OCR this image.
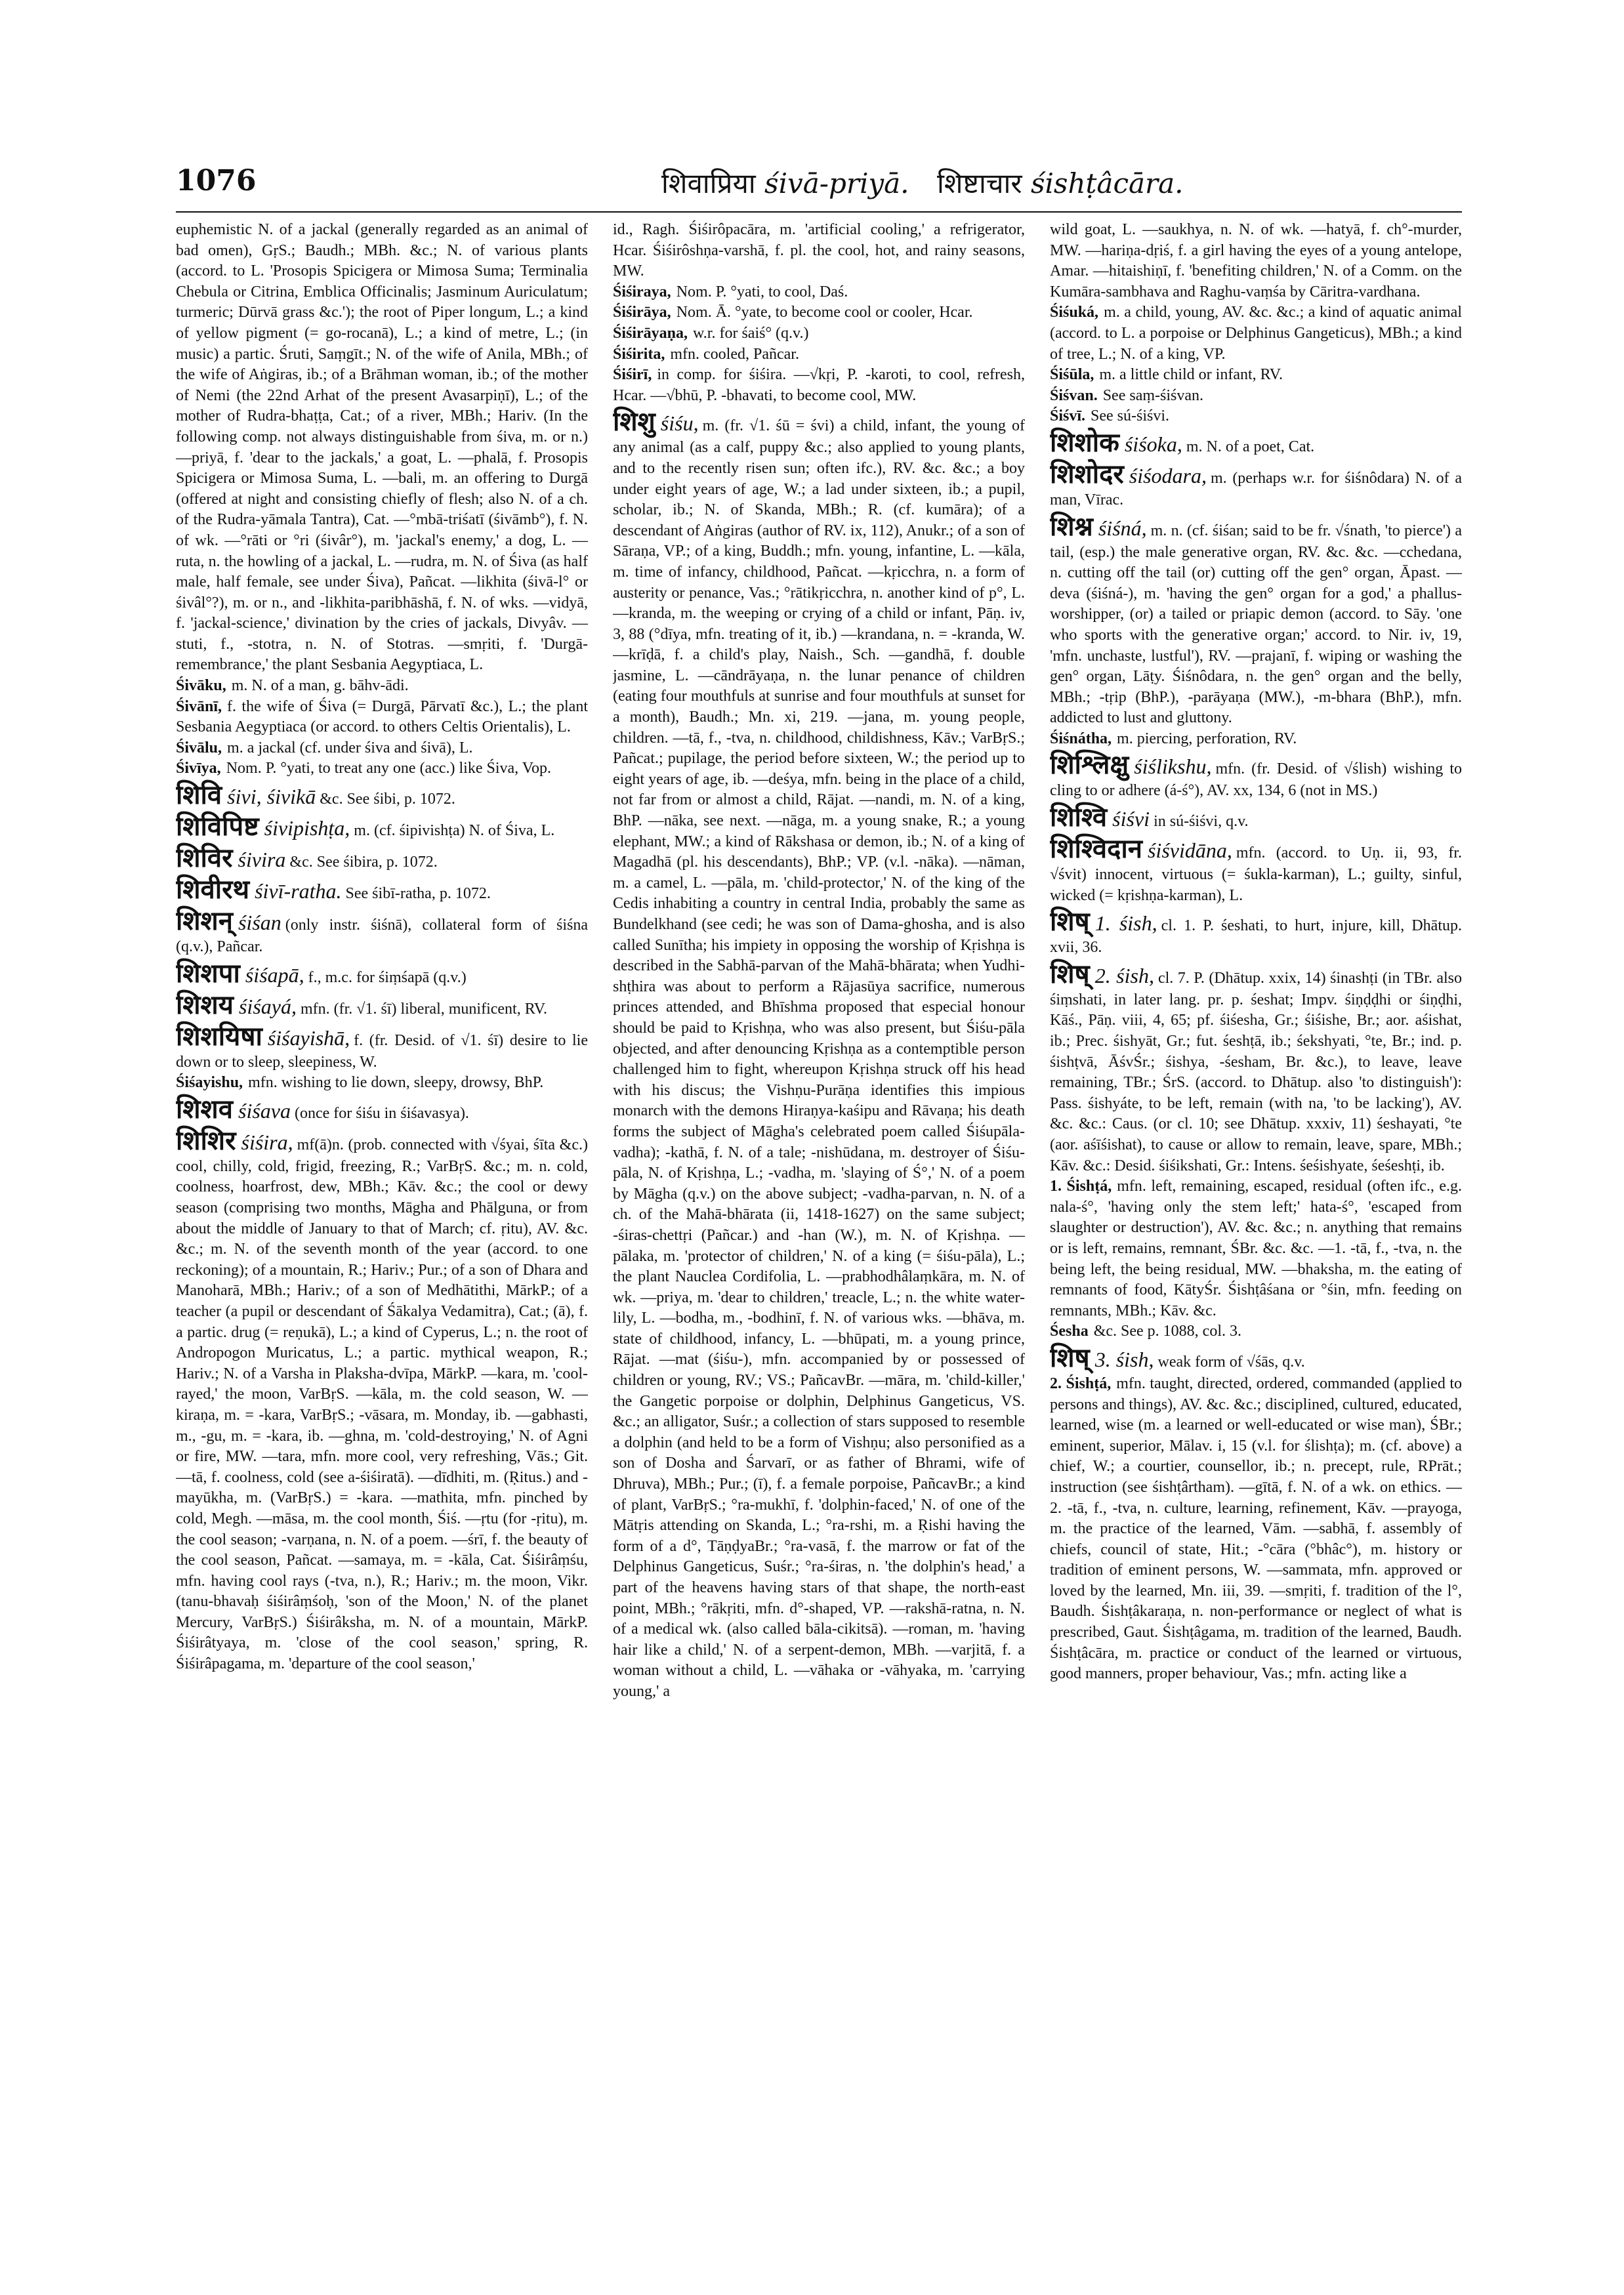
1076	शिवाप्रिया śivā-priyā. शिष्टाचार śishṭâcāra.

euphemistic N. of a jackal (generally regarded as an animal of bad omen), GṛS.; Baudh.; MBh. &c.; N. of various plants (accord. to L. 'Prosopis Spicigera or Mimosa Suma; Terminalia Chebula or Citrina, Emblica Officinalis; Jasminum Auriculatum; turmeric; Dūrvā grass &c.'); the root of Piper longum, L.; a kind of yellow pigment (= go-rocanā), L.; a kind of metre, L.; (in music) a partic. Śruti, Saṃgīt.; N. of the wife of Anila, MBh.; of the wife of Aṅgiras, ib.; of a Brāhman woman, ib.; of the mother of Nemi (the 22nd Arhat of the present Avasarpiṇī), L.; of the mother of Rudra-bhaṭṭa, Cat.; of a river, MBh.; Hariv. (In the following comp. not always distinguishable from śiva, m. or n.) —priyā, f. 'dear to the jackals,' a goat, L. —phalā, f. Prosopis Spicigera or Mimosa Suma, L. —bali, m. an offering to Durgā (offered at night and consisting chiefly of flesh; also N. of a ch. of the Rudra-yāmala Tantra), Cat. —°mbā-triśatī (śivāmb°), f. N. of wk. —°rāti or °ri (śivâr°), m. 'jackal's enemy,' a dog, L. —ruta, n. the howling of a jackal, L. —rudra, m. N. of Śiva (as half male, half female, see under Śiva), Pañcat. —likhita (śivā-l° or śivâl°?), m. or n., and -likhita-paribhāshā, f. N. of wks. —vidyā, f. 'jackal-science,' divination by the cries of jackals, Divyâv. —stuti, f., -stotra, n. N. of Stotras. —smṛiti, f. 'Durgā-remembrance,' the plant Sesbania Aegyptiaca, L.

Śivāku, m. N. of a man, g. bāhv-ādi.

Śivānī, f. the wife of Śiva (= Durgā, Pārvatī &c.), L.; the plant Sesbania Aegyptiaca (or accord. to others Celtis Orientalis), L.

Śivālu, m. a jackal (cf. under śiva and śivā), L.

Śivīya, Nom. P. °yati, to treat any one (acc.) like Śiva, Vop.

शिवि śivi, śivikā &c. See śibi, p. 1072.

शिविपिष्ट śivipishṭa, m. (cf. śipivishṭa) N. of Śiva, L.

शिविर śivira &c. See śibira, p. 1072.

शिवीरथ śivī-ratha. See śibī-ratha, p. 1072.

शिशन् śiśan (only instr. śiśnā), collateral form of śiśna (q.v.), Pañcar.

शिशपा śiśapā, f., m.c. for śiṃśapā (q.v.)

शिशय śiśayá, mfn. (fr. √1. śī) liberal, munificent, RV.

शिशयिषा śiśayishā, f. (fr. Desid. of √1. śī) desire to lie down or to sleep, sleepiness, W.

Śiśayishu, mfn. wishing to lie down, sleepy, drowsy, BhP.

शिशव śiśava (once for śiśu in śiśavasya).

शिशिर śiśira, mf(ā)n. (prob. connected with √śyai, śīta &c.) cool, chilly, cold, frigid, freezing, R.; VarBṛS. &c.; m. n. cold, coolness, hoarfrost, dew, MBh.; Kāv. &c.; the cool or dewy season (comprising two months, Māgha and Phālguna, or from about the middle of January to that of March; cf. ṛitu), AV. &c. &c.; m. N. of the seventh month of the year (accord. to one reckoning); of a mountain, R.; Hariv.; Pur.; of a son of Dhara and Manoharā, MBh.; Hariv.; of a son of Medhātithi, MārkP.; of a teacher (a pupil or descendant of Śākalya Vedamitra), Cat.; (ā), f. a partic. drug (= reṇukā), L.; a kind of Cyperus, L.; n. the root of Andropogon Muricatus, L.; a partic. mythical weapon, R.; Hariv.; N. of a Varsha in Plaksha-dvīpa, MārkP. —kara, m. 'cool-rayed,' the moon, VarBṛS. —kāla, m. the cold season, W. —kiraṇa, m. = -kara, VarBṛS.; -vāsara, m. Monday, ib. —gabhasti, m., -gu, m. = -kara, ib. —ghna, m. 'cold-destroying,' N. of Agni or fire, MW. —tara, mfn. more cool, very refreshing, Vās.; Git. —tā, f. coolness, cold (see a-śiśiratā). —dīdhiti, m. (Ṛitus.) and -mayūkha, m. (VarBṛS.) = -kara. —mathita, mfn. pinched by cold, Megh. —māsa, m. the cool month, Śiś. —ṛtu (for -ṛitu), m. the cool season; -varṇana, n. N. of a poem. —śrī, f. the beauty of the cool season, Pañcat. —samaya, m. = -kāla, Cat. Śiśirâṃśu, mfn. having cool rays (-tva, n.), R.; Hariv.; m. the moon, Vikr. (tanu-bhavaḥ śiśirâṃśoḥ, 'son of the Moon,' N. of the planet Mercury, VarBṛS.) Śiśirâksha, m. N. of a mountain, MārkP. Śiśirâtyaya, m. 'close of the cool season,' spring, R. Śiśirâpagama, m. 'departure of the cool season,'

id., Ragh. Śiśirôpacāra, m. 'artificial cooling,' a refrigerator, Hcar. Śiśirôshṇa-varshā, f. pl. the cool, hot, and rainy seasons, MW.

Śiśiraya, Nom. P. °yati, to cool, Daś.

Śiśirāya, Nom. Ā. °yate, to become cool or cooler, Hcar.

Śiśirāyaṇa, w.r. for śaiś° (q.v.)

Śiśirita, mfn. cooled, Pañcar.

Śiśirī, in comp. for śiśira. —√kṛi, P. -karoti, to cool, refresh, Hcar. —√bhū, P. -bhavati, to become cool, MW.

शिशु śiśu, m. (fr. √1. śū = śvi) a child, infant, the young of any animal (as a calf, puppy &c.; also applied to young plants, and to the recently risen sun; often ifc.), RV. &c. &c.; a boy under eight years of age, W.; a lad under sixteen, ib.; a pupil, scholar, ib.; N. of Skanda, MBh.; R. (cf. kumāra); of a descendant of Aṅgiras (author of RV. ix, 112), Anukr.; of a son of Sāraṇa, VP.; of a king, Buddh.; mfn. young, infantine, L. —kāla, m. time of infancy, childhood, Pañcat. —kṛicchra, n. a form of austerity or penance, Vas.; °rātikṛicchra, n. another kind of p°, L. —kranda, m. the weeping or crying of a child or infant, Pāṇ. iv, 3, 88 (°dīya, mfn. treating of it, ib.) —krandana, n. = -kranda, W. —krīḍā, f. a child's play, Naish., Sch. —gandhā, f. double jasmine, L. —cāndrāyaṇa, n. the lunar penance of children (eating four mouthfuls at sunrise and four mouthfuls at sunset for a month), Baudh.; Mn. xi, 219. —jana, m. young people, children. —tā, f., -tva, n. childhood, childishness, Kāv.; VarBṛS.; Pañcat.; pupilage, the period before sixteen, W.; the period up to eight years of age, ib. —deśya, mfn. being in the place of a child, not far from or almost a child, Rājat. —nandi, m. N. of a king, BhP. —nāka, see next. —nāga, m. a young snake, R.; a young elephant, MW.; a kind of Rākshasa or demon, ib.; N. of a king of Magadhā (pl. his descendants), BhP.; VP. (v.l. -nāka). —nāman, m. a camel, L. —pāla, m. 'child-protector,' N. of the king of the Cedis inhabiting a country in central India, probably the same as Bundelkhand (see cedi; he was son of Dama-ghosha, and is also called Sunītha; his impiety in opposing the worship of Kṛishṇa is described in the Sabhā-parvan of the Mahā-bhārata; when Yudhi-shṭhira was about to perform a Rājasūya sacrifice, numerous princes attended, and Bhīshma proposed that especial honour should be paid to Kṛishṇa, who was also present, but Śiśu-pāla objected, and after denouncing Kṛishṇa as a contemptible person challenged him to fight, whereupon Kṛishṇa struck off his head with his discus; the Vishṇu-Purāṇa identifies this impious monarch with the demons Hiraṇya-kaśipu and Rāvaṇa; his death forms the subject of Māgha's celebrated poem called Śiśupāla-vadha); -kathā, f. N. of a tale; -nishūdana, m. destroyer of Śiśu-pāla, N. of Kṛishṇa, L.; -vadha, m. 'slaying of Ś°,' N. of a poem by Māgha (q.v.) on the above subject; -vadha-parvan, n. N. of a ch. of the Mahā-bhārata (ii, 1418-1627) on the same subject; -śiras-chettṛi (Pañcar.) and -han (W.), m. N. of Kṛishṇa. —pālaka, m. 'protector of children,' N. of a king (= śiśu-pāla), L.; the plant Nauclea Cordifolia, L. —prabhodhâlaṃkāra, m. N. of wk. —priya, m. 'dear to children,' treacle, L.; n. the white water-lily, L. —bodha, m., -bodhinī, f. N. of various wks. —bhāva, m. state of childhood, infancy, L. —bhūpati, m. a young prince, Rājat. —mat (śiśu-), mfn. accompanied by or possessed of children or young, RV.; VS.; PañcavBr. —māra, m. 'child-killer,' the Gangetic porpoise or dolphin, Delphinus Gangeticus, VS. &c.; an alligator, Suśr.; a collection of stars supposed to resemble a dolphin (and held to be a form of Vishṇu; also personified as a son of Dosha and Śarvarī, or as father of Bhrami, wife of Dhruva), MBh.; Pur.; (ī), f. a female porpoise, PañcavBr.; a kind of plant, VarBṛS.; °ra-mukhī, f. 'dolphin-faced,' N. of one of the Mātṛis attending on Skanda, L.; °ra-rshi, m. a Ṛishi having the form of a d°, TāṇḍyaBr.; °ra-vasā, f. the marrow or fat of the Delphinus Gangeticus, Suśr.; °ra-śiras, n. 'the dolphin's head,' a part of the heavens having stars of that shape, the north-east point, MBh.; °rākṛiti, mfn. d°-shaped, VP. —rakshā-ratna, n. N. of a medical wk. (also called bāla-cikitsā). —roman, m. 'having hair like a child,' N. of a serpent-demon, MBh. —varjitā, f. a woman without a child, L. —vāhaka or -vāhyaka, m. 'carrying young,' a

wild goat, L. —saukhya, n. N. of wk. —hatyā, f. ch°-murder, MW. —hariṇa-dṛiś, f. a girl having the eyes of a young antelope, Amar. —hitaishiṇī, f. 'benefiting children,' N. of a Comm. on the Kumāra-sambhava and Raghu-vaṃśa by Cāritra-vardhana.

Śiśuká, m. a child, young, AV. &c. &c.; a kind of aquatic animal (accord. to L. a porpoise or Delphinus Gangeticus), MBh.; a kind of tree, L.; N. of a king, VP.

Śiśūla, m. a little child or infant, RV.

Śiśvan. See saṃ-śiśvan.

Śiśvī. See sú-śiśvi.

शिशोक śiśoka, m. N. of a poet, Cat.

शिशोदर śiśodara, m. (perhaps w.r. for śiśnôdara) N. of a man, Vīrac.

शिश्न śiśná, m. n. (cf. śiśan; said to be fr. √śnath, 'to pierce') a tail, (esp.) the male generative organ, RV. &c. &c. —cchedana, n. cutting off the tail (or) cutting off the gen° organ, Āpast. —deva (śiśná-), m. 'having the gen° organ for a god,' a phallus-worshipper, (or) a tailed or priapic demon (accord. to Sāy. 'one who sports with the generative organ;' accord. to Nir. iv, 19, 'mfn. unchaste, lustful'), RV. —prajanī, f. wiping or washing the gen° organ, Lāṭy. Śiśnôdara, n. the gen° organ and the belly, MBh.; -tṛip (BhP.), -parāyaṇa (MW.), -m-bhara (BhP.), mfn. addicted to lust and gluttony.

Śiśnátha, m. piercing, perforation, RV.

शिश्लिक्षु śiślikshu, mfn. (fr. Desid. of √ślish) wishing to cling to or adhere (á-ś°), AV. xx, 134, 6 (not in MS.)

शिश्वि śiśvi in sú-śiśvi, q.v.

शिश्विदान śiśvidāna, mfn. (accord. to Uṇ. ii, 93, fr. √śvit) innocent, virtuous (= śukla-karman), L.; guilty, sinful, wicked (= kṛishṇa-karman), L.

शिष् 1. śish, cl. 1. P. śeshati, to hurt, injure, kill, Dhātup. xvii, 36.

शिष् 2. śish, cl. 7. P. (Dhātup. xxix, 14) śinashṭi (in TBr. also śiṃshati, in later lang. pr. p. śeshat; Impv. śiṇḍḍhi or śiṇḍhi, Kāś., Pāṇ. viii, 4, 65; pf. śiśesha, Gr.; śiśishe, Br.; aor. aśishat, ib.; Prec. śishyāt, Gr.; fut. śeshṭā, ib.; śekshyati, °te, Br.; ind. p. śishṭvā, ĀśvŚr.; śishya, -śesham, Br. &c.), to leave, leave remaining, TBr.; ŚrS. (accord. to Dhātup. also 'to distinguish'): Pass. śishyáte, to be left, remain (with na, 'to be lacking'), AV. &c. &c.: Caus. (or cl. 10; see Dhātup. xxxiv, 11) śeshayati, °te (aor. aśīśishat), to cause or allow to remain, leave, spare, MBh.; Kāv. &c.: Desid. śiśikshati, Gr.: Intens. śeśishyate, śeśeshṭi, ib.

1. Śishṭá, mfn. left, remaining, escaped, residual (often ifc., e.g. nala-ś°, 'having only the stem left;' hata-ś°, 'escaped from slaughter or destruction'), AV. &c. &c.; n. anything that remains or is left, remains, remnant, ŚBr. &c. &c. —1. -tā, f., -tva, n. the being left, the being residual, MW. —bhaksha, m. the eating of remnants of food, KātyŚr. Śishṭâśana or °śin, mfn. feeding on remnants, MBh.; Kāv. &c.

Śesha &c. See p. 1088, col. 3.

शिष् 3. śish, weak form of √śās, q.v.

2. Śishṭá, mfn. taught, directed, ordered, commanded (applied to persons and things), AV. &c. &c.; disciplined, cultured, educated, learned, wise (m. a learned or well-educated or wise man), ŚBr.; eminent, superior, Mālav. i, 15 (v.l. for ślishṭa); m. (cf. above) a chief, W.; a courtier, counsellor, ib.; n. precept, rule, RPrāt.; instruction (see śishṭârtham). —gītā, f. N. of a wk. on ethics. —2. -tā, f., -tva, n. culture, learning, refinement, Kāv. —prayoga, m. the practice of the learned, Vām. —sabhā, f. assembly of chiefs, council of state, Hit.; -°cāra (°bhâc°), m. history or tradition of eminent persons, W. —sammata, mfn. approved or loved by the learned, Mn. iii, 39. —smṛiti, f. tradition of the l°, Baudh. Śishṭâkaraṇa, n. non-performance or neglect of what is prescribed, Gaut. Śishṭâgama, m. tradition of the learned, Baudh. Śishṭâcāra, m. practice or conduct of the learned or virtuous, good manners, proper behaviour, Vas.; mfn. acting like a
